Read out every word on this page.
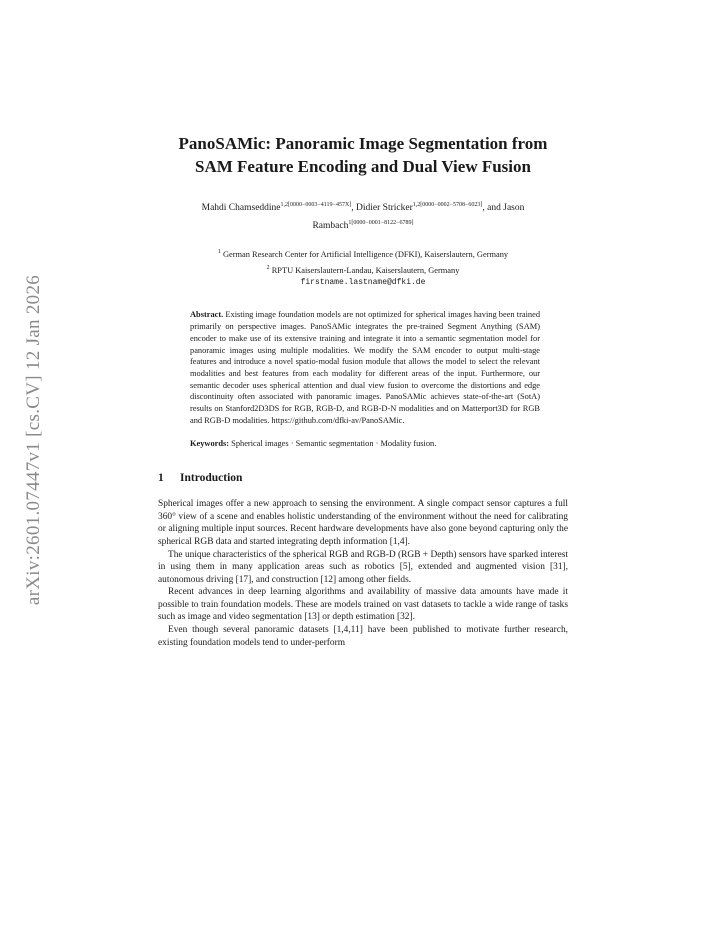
arXiv:2601.07447v1 [cs.CV] 12 Jan 2026
PanoSAMic: Panoramic Image Segmentation from
SAM Feature Encoding and Dual View Fusion
Mahdi Chamseddine$^{1,2[0000-0003-4119-457X]}$, Didier Stricker$^{1,2[0000-0002-5708-6023]}$, and Jason Rambach$^{1[0000-0001-8122-6789]}$
$^1$ German Research Center for Artificial Intelligence (DFKI), Kaiserslautern, Germany
$^2$ RPTU Kaiserslautern-Landau, Kaiserslautern, Germany
firstname.lastname@dfki.de
Abstract. Existing image foundation models are not optimized for spherical images having been trained primarily on perspective images. PanoSAMic integrates the pre-trained Segment Anything (SAM) encoder to make use of its extensive training and integrate it into a semantic segmentation model for panoramic images using multiple modalities. We modify the SAM encoder to output multi-stage features and introduce a novel spatio-modal fusion module that allows the model to select the relevant modalities and best features from each modality for different areas of the input. Furthermore, our semantic decoder uses spherical attention and dual view fusion to overcome the distortions and edge discontinuity often associated with panoramic images. PanoSAMic achieves state-of-the-art (SotA) results on Stanford2D3DS for RGB, RGB-D, and RGB-D-N modalities and on Matterport3D for RGB and RGB-D modalities. https://github.com/dfki-av/PanoSAMic.
Keywords: Spherical images · Semantic segmentation · Modality fusion.
1 Introduction

Spherical images offer a new approach to sensing the environment. A single compact sensor captures a full 360° view of a scene and enables holistic understanding of the environment without the need for calibrating or aligning multiple input sources. Recent hardware developments have also gone beyond capturing only the spherical RGB data and started integrating depth information [1,4].

The unique characteristics of the spherical RGB and RGB-D (RGB + Depth) sensors have sparked interest in using them in many application areas such as robotics [5], extended and augmented vision [31], autonomous driving [17], and construction [12] among other fields.

Recent advances in deep learning algorithms and availability of massive data amounts have made it possible to train foundation models. These are models trained on vast datasets to tackle a wide range of tasks such as image and video segmentation [13] or depth estimation [32].

Even though several panoramic datasets [1,4,11] have been published to motivate further research, existing foundation models tend to under-perform
